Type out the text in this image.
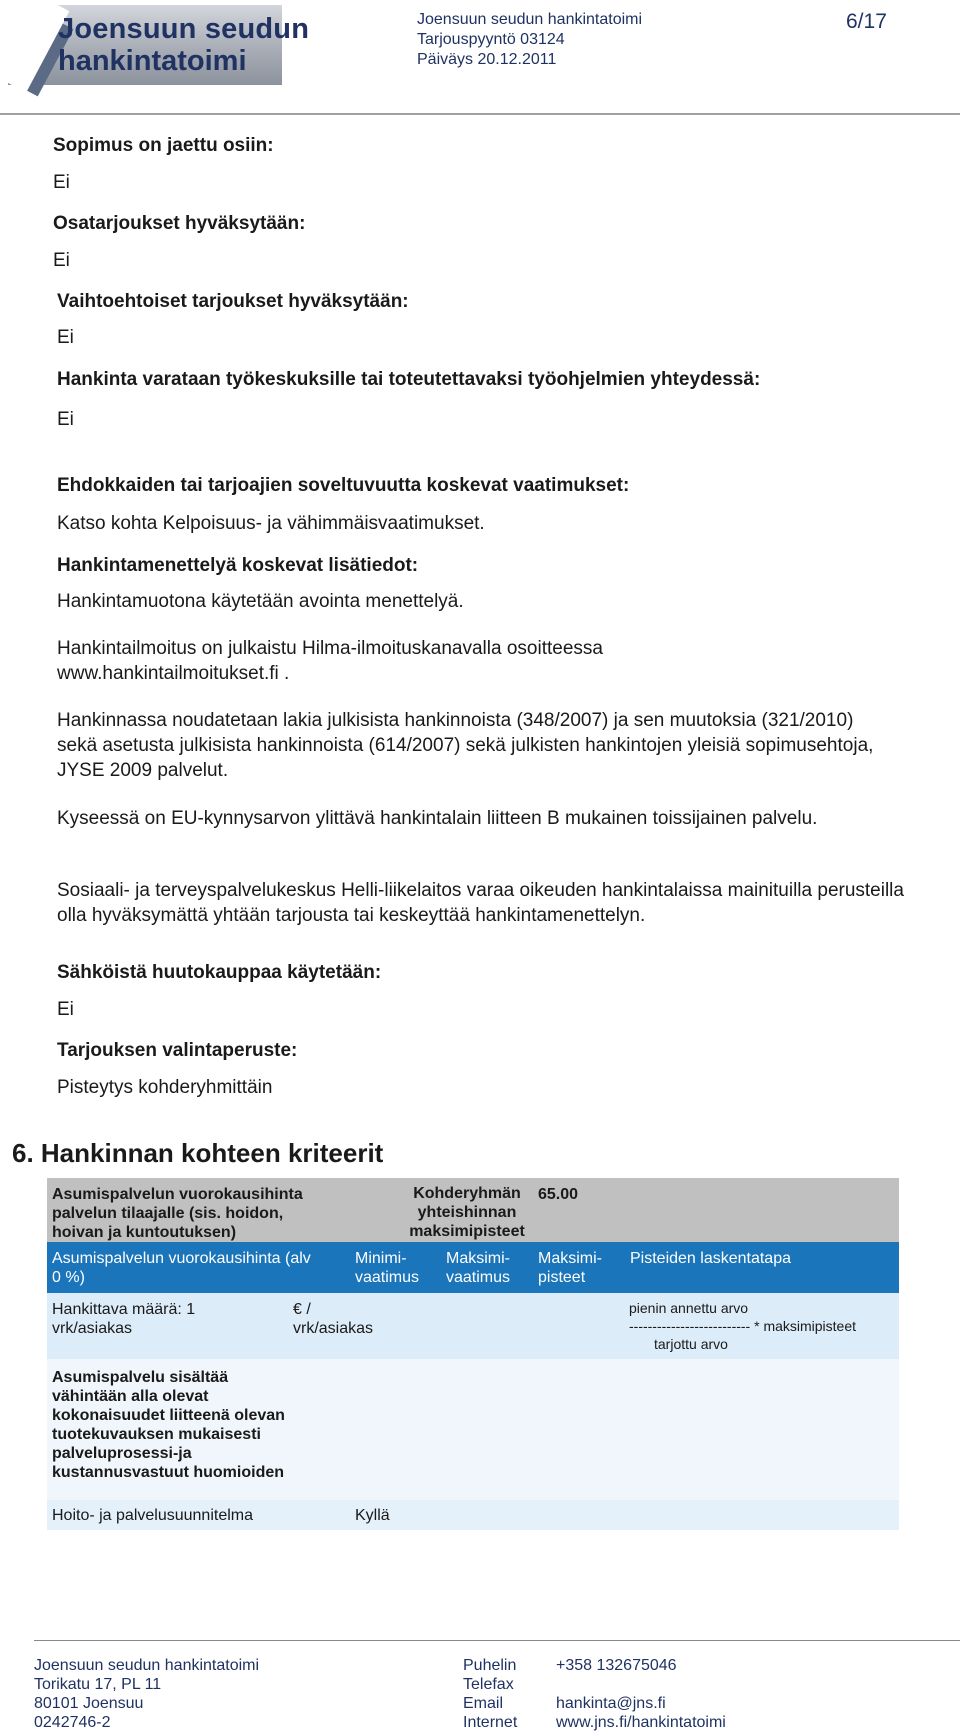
Joensuun seudun
hankintatoimi
Joensuun seudun hankintatoimi
Tarjouspyyntö 03124
Päiväys 20.12.2011
6/17
Sopimus on jaettu osiin:
Ei
Osatarjoukset hyväksytään:
Ei
Vaihtoehtoiset tarjoukset hyväksytään:
Ei
Hankinta varataan työkeskuksille tai toteutettavaksi työohjelmien yhteydessä:
Ei
Ehdokkaiden tai tarjoajien soveltuvuutta koskevat vaatimukset:
Katso kohta Kelpoisuus- ja vähimmäisvaatimukset.
Hankintamenettelyä koskevat lisätiedot:
Hankintamuotona käytetään avointa menettelyä.
Hankintailmoitus on julkaistu Hilma-ilmoituskanavalla osoitteessa www.hankintailmoitukset.fi .
Hankinnassa noudatetaan lakia julkisista hankinnoista (348/2007) ja sen muutoksia (321/2010) sekä asetusta julkisista hankinnoista (614/2007) sekä julkisten hankintojen yleisiä sopimusehtoja, JYSE 2009 palvelut.
Kyseessä on EU-kynnysarvon ylittävä hankintalain liitteen B mukainen toissijainen palvelu.
Sosiaali- ja terveyspalvelukeskus Helli-liikelaitos varaa oikeuden hankintalaissa mainituilla perusteilla olla hyväksymättä yhtään tarjousta tai keskeyttää hankintamenettelyn.
Sähköistä huutokauppaa käytetään:
Ei
Tarjouksen valintaperuste:
Pisteytys kohderyhmittäin
6. Hankinnan kohteen kriteerit
Asumispalvelun vuorokausihinta palvelun tilaajalle (sis. hoidon, hoivan ja kuntoutuksen)
Kohderyhmän yhteishinnan maksimipisteet
65.00
Asumispalvelun vuorokausihinta (alv 0 %)
Minimi-vaatimus
Maksimi-vaatimus
Maksimi-pisteet
Pisteiden laskentatapa
Hankittava määrä: 1 vrk/asiakas
€ / vrk/asiakas
pienin annettu arvo
-------------------------- * maksimipisteet
tarjottu arvo
Asumispalvelu sisältää vähintään alla olevat kokonaisuudet liitteenä olevan tuotekuvauksen mukaisesti palveluprosessi-ja kustannusvastuut huomioiden
Hoito- ja palvelusuunnitelma	Kyllä
Joensuun seudun hankintatoimi
Torikatu 17, PL 11
80101 Joensuu
0242746-2
Puhelin
Telefax
Email
Internet
+358 132675046
hankinta@jns.fi
www.jns.fi/hankintatoimi
